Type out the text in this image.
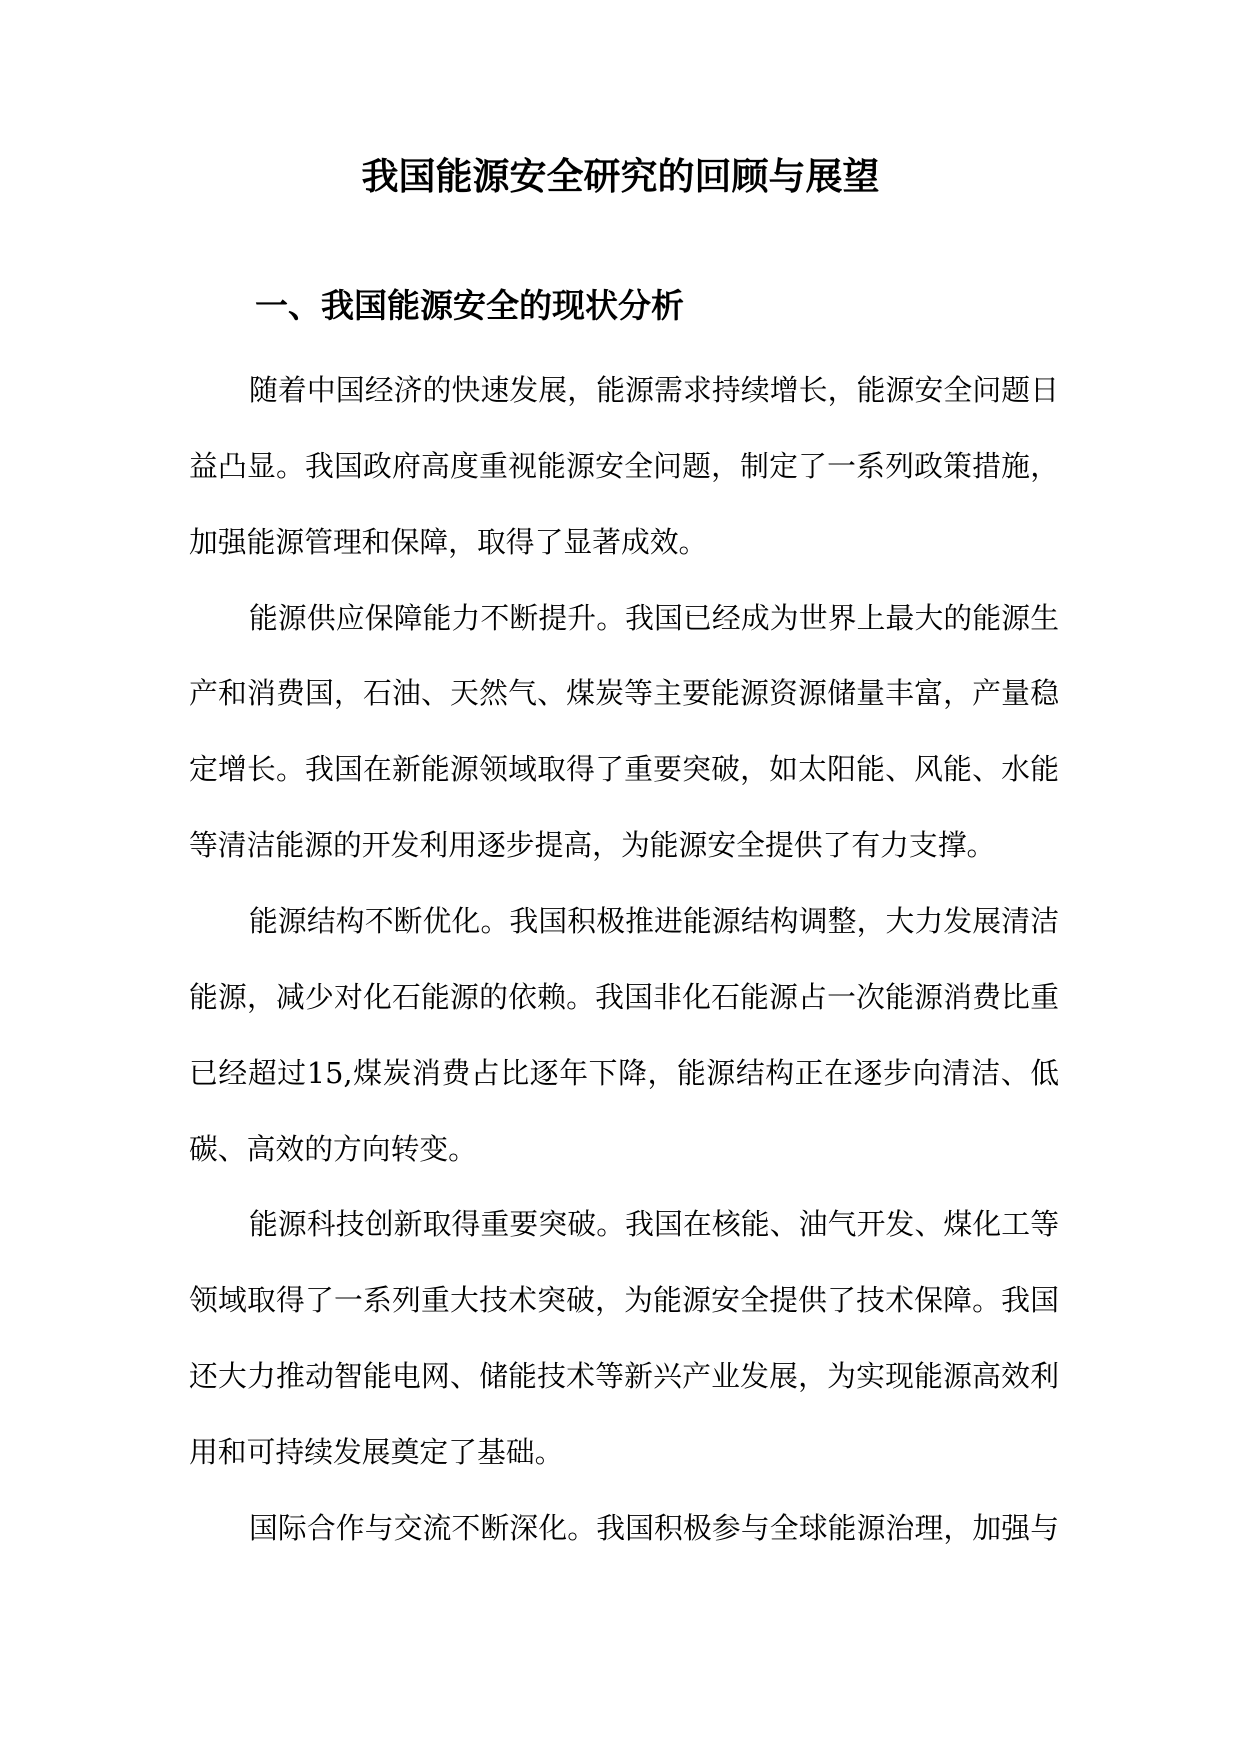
我国能源安全研究的回顾与展望
一、我国能源安全的现状分析
随着中国经济的快速发展，能源需求持续增长，能源安全问题日
益凸显。我国政府高度重视能源安全问题，制定了一系列政策措施，
加强能源管理和保障，取得了显著成效。
能源供应保障能力不断提升。我国已经成为世界上最大的能源生
产和消费国，石油、天然气、煤炭等主要能源资源储量丰富，产量稳
定增长。我国在新能源领域取得了重要突破，如太阳能、风能、水能
等清洁能源的开发利用逐步提高，为能源安全提供了有力支撑。
能源结构不断优化。我国积极推进能源结构调整，大力发展清洁
能源，减少对化石能源的依赖。我国非化石能源占一次能源消费比重
已经超过15,煤炭消费占比逐年下降，能源结构正在逐步向清洁、低
碳、高效的方向转变。
能源科技创新取得重要突破。我国在核能、油气开发、煤化工等
领域取得了一系列重大技术突破，为能源安全提供了技术保障。我国
还大力推动智能电网、储能技术等新兴产业发展，为实现能源高效利
用和可持续发展奠定了基础。
国际合作与交流不断深化。我国积极参与全球能源治理，加强与
